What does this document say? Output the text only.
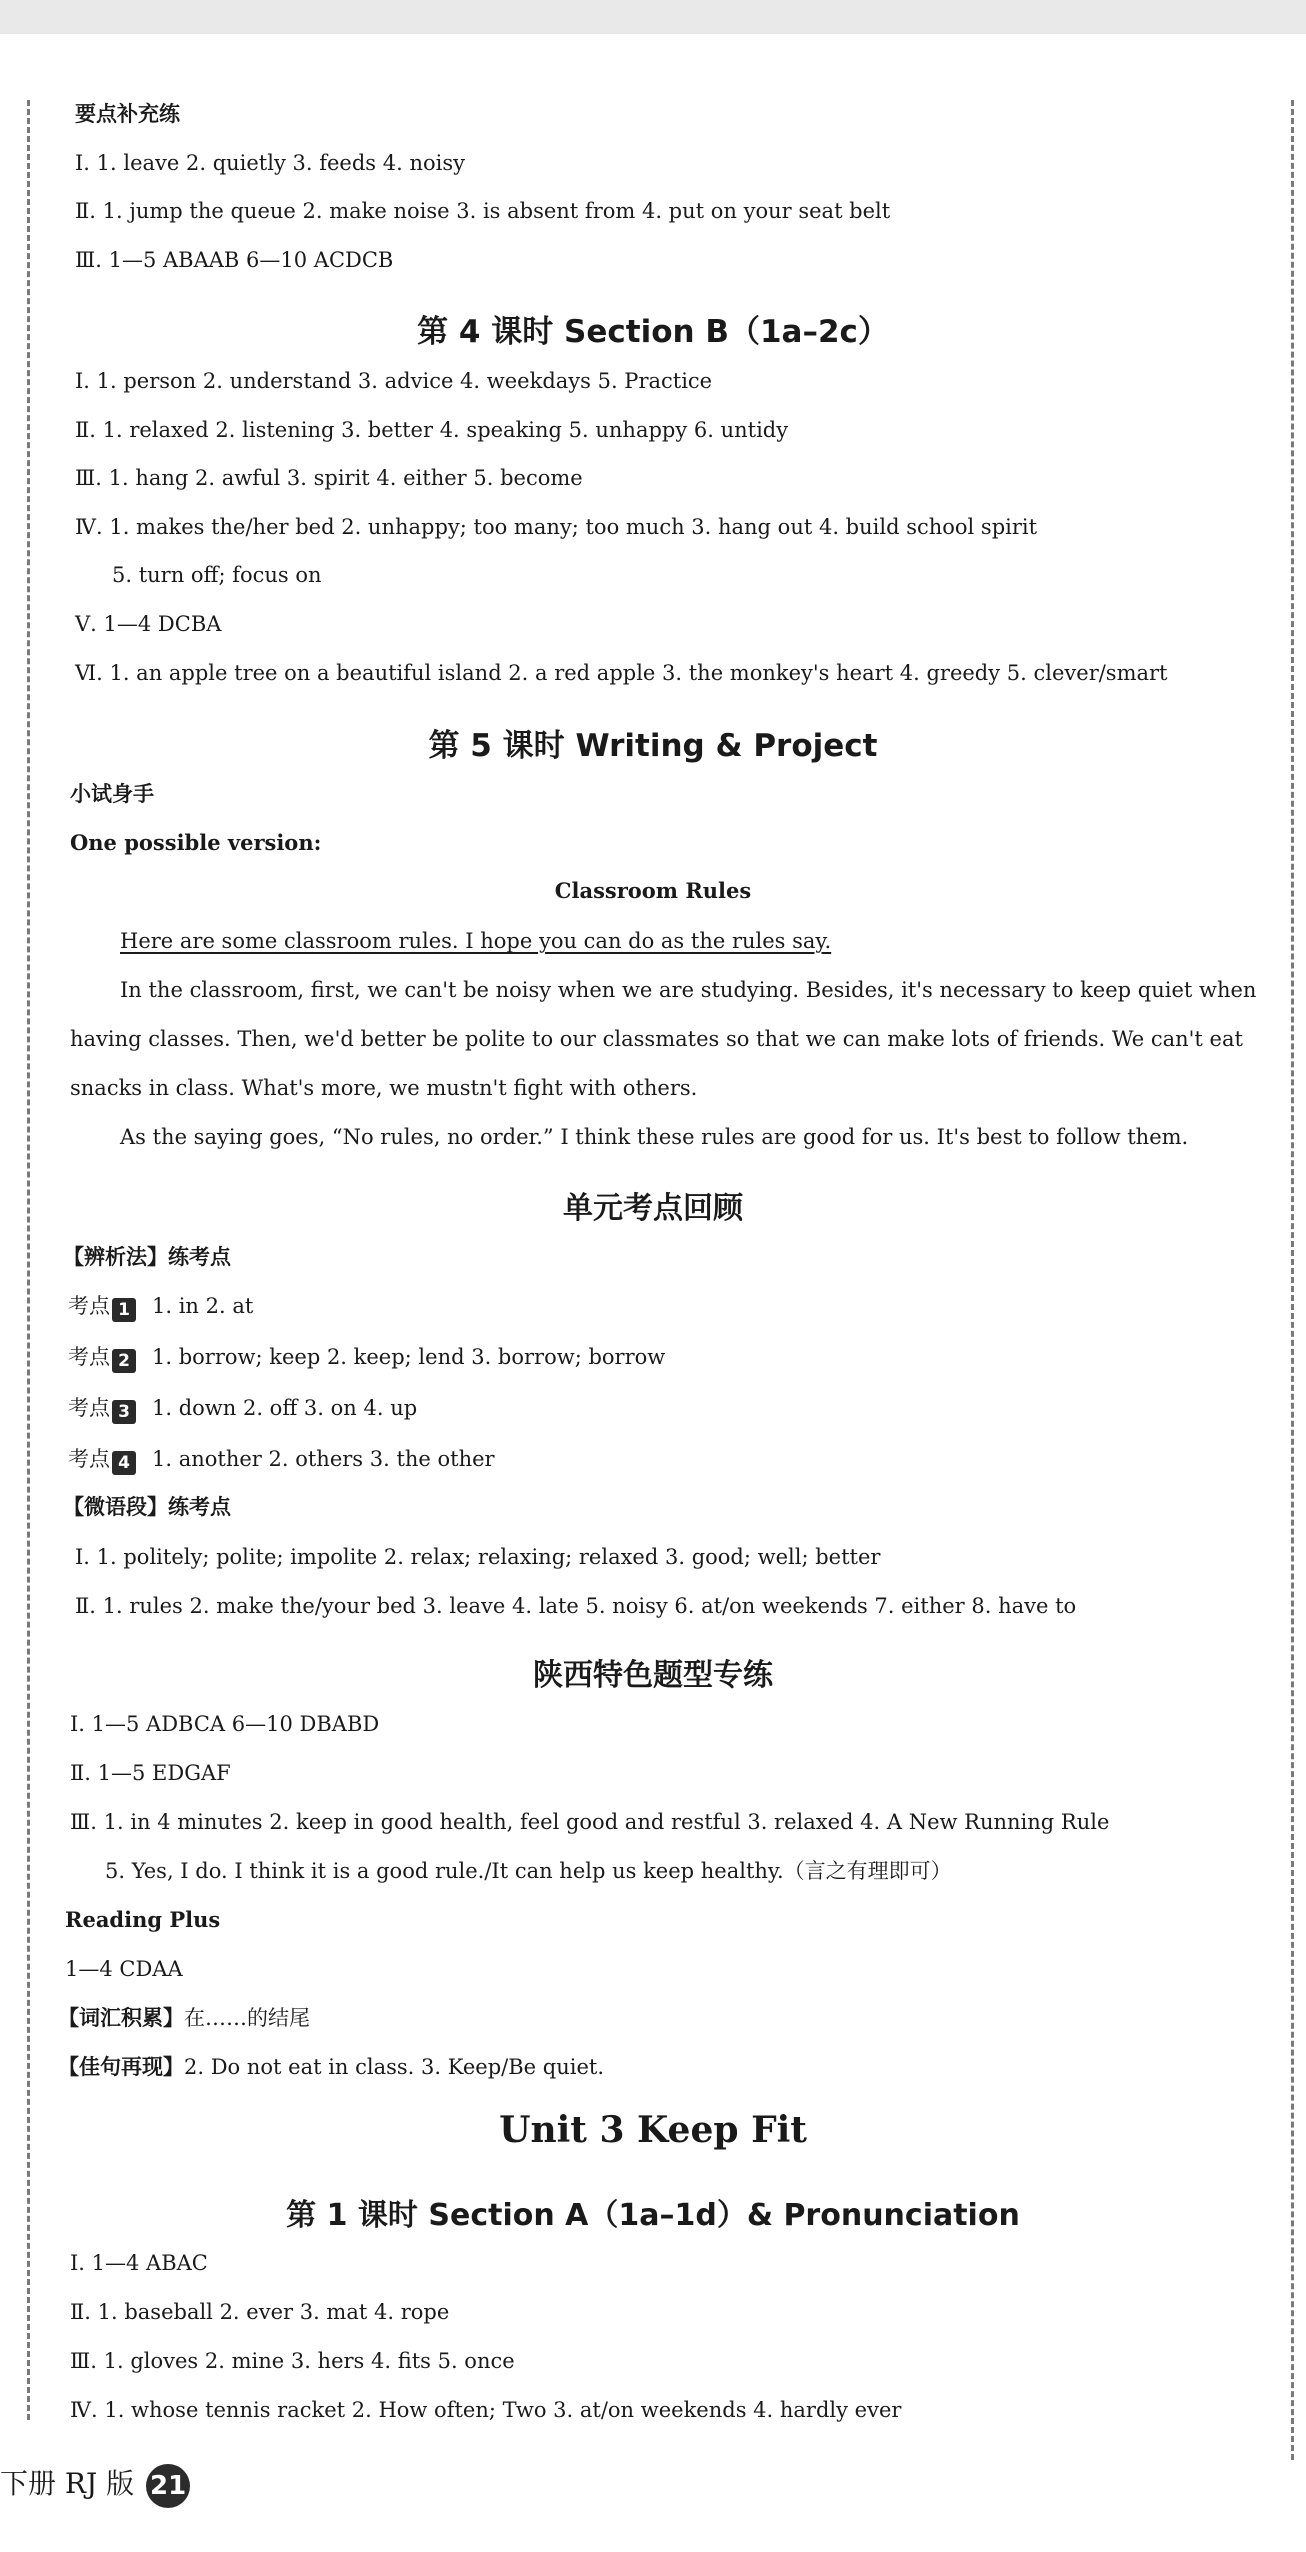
要点补充练
Ⅰ. 1. leave 2. quietly 3. feeds 4. noisy
Ⅱ. 1. jump the queue 2. make noise 3. is absent from 4. put on your seat belt
Ⅲ. 1—5 ABAAB 6—10 ACDCB
第 4 课时 Section B（1a–2c）
Ⅰ. 1. person 2. understand 3. advice 4. weekdays 5. Practice
Ⅱ. 1. relaxed 2. listening 3. better 4. speaking 5. unhappy 6. untidy
Ⅲ. 1. hang 2. awful 3. spirit 4. either 5. become
Ⅳ. 1. makes the/her bed 2. unhappy; too many; too much 3. hang out 4. build school spirit
5. turn off; focus on
Ⅴ. 1—4 DCBA
Ⅵ. 1. an apple tree on a beautiful island 2. a red apple 3. the monkey's heart 4. greedy 5. clever/smart
第 5 课时 Writing & Project
小试身手
One possible version:
Classroom Rules
Here are some classroom rules. I hope you can do as the rules say.
In the classroom, first, we can't be noisy when we are studying. Besides, it's necessary to keep quiet when
having classes. Then, we'd better be polite to our classmates so that we can make lots of friends. We can't eat
snacks in class. What's more, we mustn't fight with others.
As the saying goes, “No rules, no order.” I think these rules are good for us. It's best to follow them.
单元考点回顾
【辨析法】练考点
考点 1 1. in 2. at
考点 2 1. borrow; keep 2. keep; lend 3. borrow; borrow
考点 3 1. down 2. off 3. on 4. up
考点 4 1. another 2. others 3. the other
【微语段】练考点
Ⅰ. 1. politely; polite; impolite 2. relax; relaxing; relaxed 3. good; well; better
Ⅱ. 1. rules 2. make the/your bed 3. leave 4. late 5. noisy 6. at/on weekends 7. either 8. have to
陕西特色题型专练
Ⅰ. 1—5 ADBCA 6—10 DBABD
Ⅱ. 1—5 EDGAF
Ⅲ. 1. in 4 minutes 2. keep in good health, feel good and restful 3. relaxed 4. A New Running Rule
5. Yes, I do. I think it is a good rule./It can help us keep healthy.（言之有理即可）
Reading Plus
1—4 CDAA
【词汇积累】在……的结尾
【佳句再现】2. Do not eat in class. 3. Keep/Be quiet.
Unit 3 Keep Fit
第 1 课时 Section A（1a–1d）& Pronunciation
Ⅰ. 1—4 ABAC
Ⅱ. 1. baseball 2. ever 3. mat 4. rope
Ⅲ. 1. gloves 2. mine 3. hers 4. fits 5. once
Ⅳ. 1. whose tennis racket 2. How often; Two 3. at/on weekends 4. hardly ever
下册 RJ 版 21
